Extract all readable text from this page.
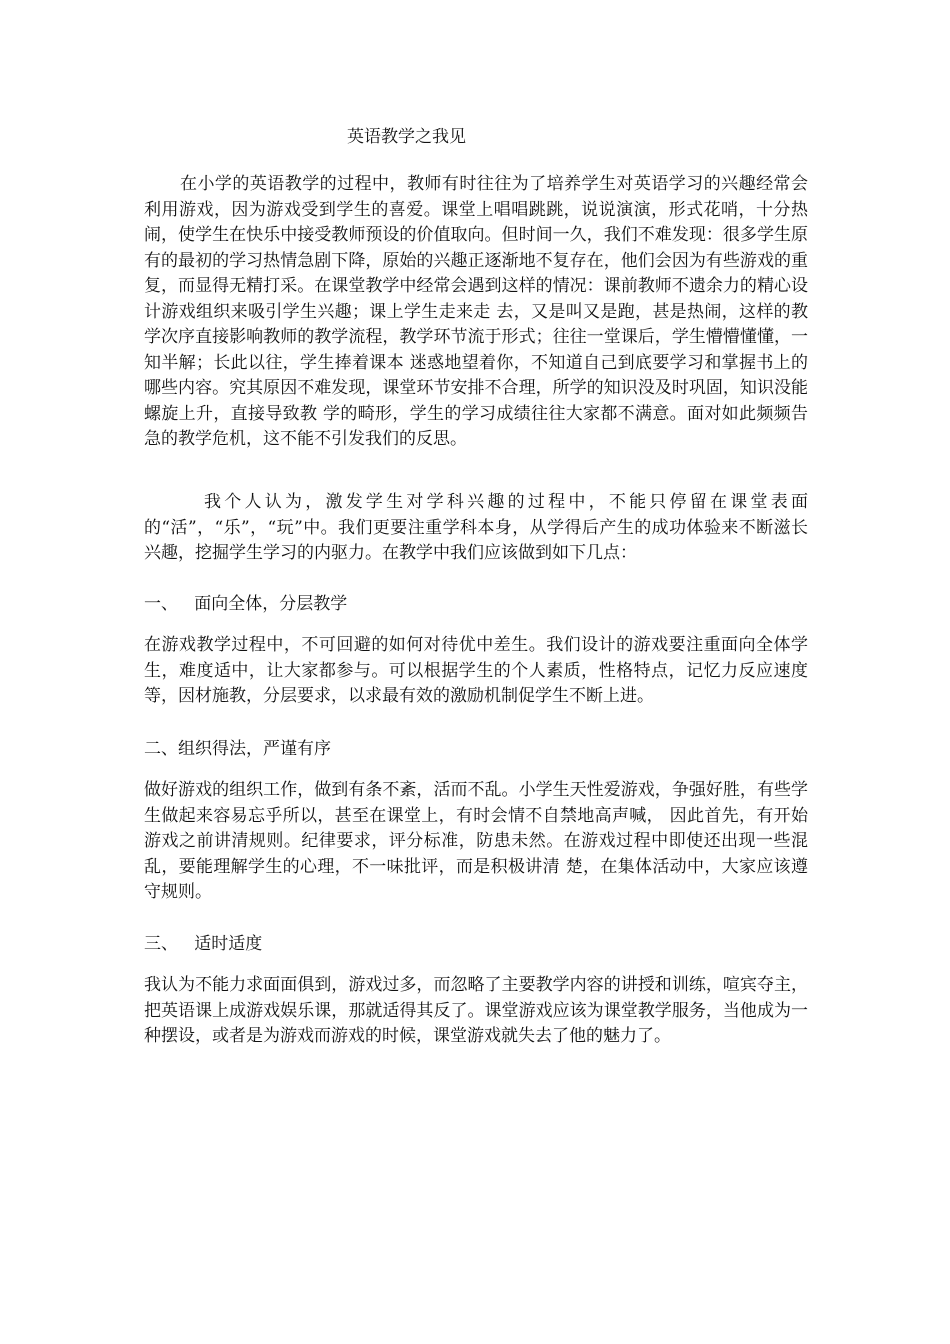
英语教学之我见

在小学的英语教学的过程中，教师有时往往为了培养学生对英语学习的兴趣经常会利用游戏，因为游戏受到学生的喜爱。课堂上唱唱跳跳，说说演演，形式花哨，十分热闹，使学生在快乐中接受教师预设的价值取向。但时间一久，我们不难发现：很多学生原有的最初的学习热情急剧下降，原始的兴趣正逐渐地不复存在，他们会因为有些游戏的重复，而显得无精打采。在课堂教学中经常会遇到这样的情况：课前教师不遗余力的精心设计游戏组织来吸引学生兴趣；课上学生走来走 去，又是叫又是跑，甚是热闹，这样的教学次序直接影响教师的教学流程，教学环节流于形式；往往一堂课后，学生懵懵懂懂，一知半解；长此以往，学生捧着课本 迷惑地望着你，不知道自己到底要学习和掌握书上的哪些内容。究其原因不难发现，课堂环节安排不合理，所学的知识没及时巩固，知识没能螺旋上升，直接导致教 学的畸形，学生的学习成绩往往大家都不满意。面对如此频频告急的教学危机，这不能不引发我们的反思。

我个人认为，激发学生对学科兴趣的过程中，不能只停留在课堂表面的“活”，“乐”，“玩”中。我们更要注重学科本身，从学得后产生的成功体验来不断滋长兴趣，挖掘学生学习的内驱力。在教学中我们应该做到如下几点：

一、   面向全体，分层教学

在游戏教学过程中，不可回避的如何对待优中差生。我们设计的游戏要注重面向全体学生，难度适中，让大家都参与。可以根据学生的个人素质，性格特点，记忆力反应速度等，因材施教，分层要求，以求最有效的激励机制促学生不断上进。

二、组织得法，严谨有序

做好游戏的组织工作，做到有条不紊，活而不乱。小学生天性爱游戏，争强好胜，有些学生做起来容易忘乎所以，甚至在课堂上，有时会情不自禁地高声喊， 因此首先，有开始游戏之前讲清规则。纪律要求，评分标准，防患未然。在游戏过程中即使还出现一些混乱，要能理解学生的心理，不一味批评，而是积极讲清 楚，在集体活动中，大家应该遵守规则。

三、   适时适度

我认为不能力求面面俱到，游戏过多，而忽略了主要教学内容的讲授和训练，喧宾夺主，把英语课上成游戏娱乐课，那就适得其反了。课堂游戏应该为课堂教学服务，当他成为一种摆设，或者是为游戏而游戏的时候，课堂游戏就失去了他的魅力了。
